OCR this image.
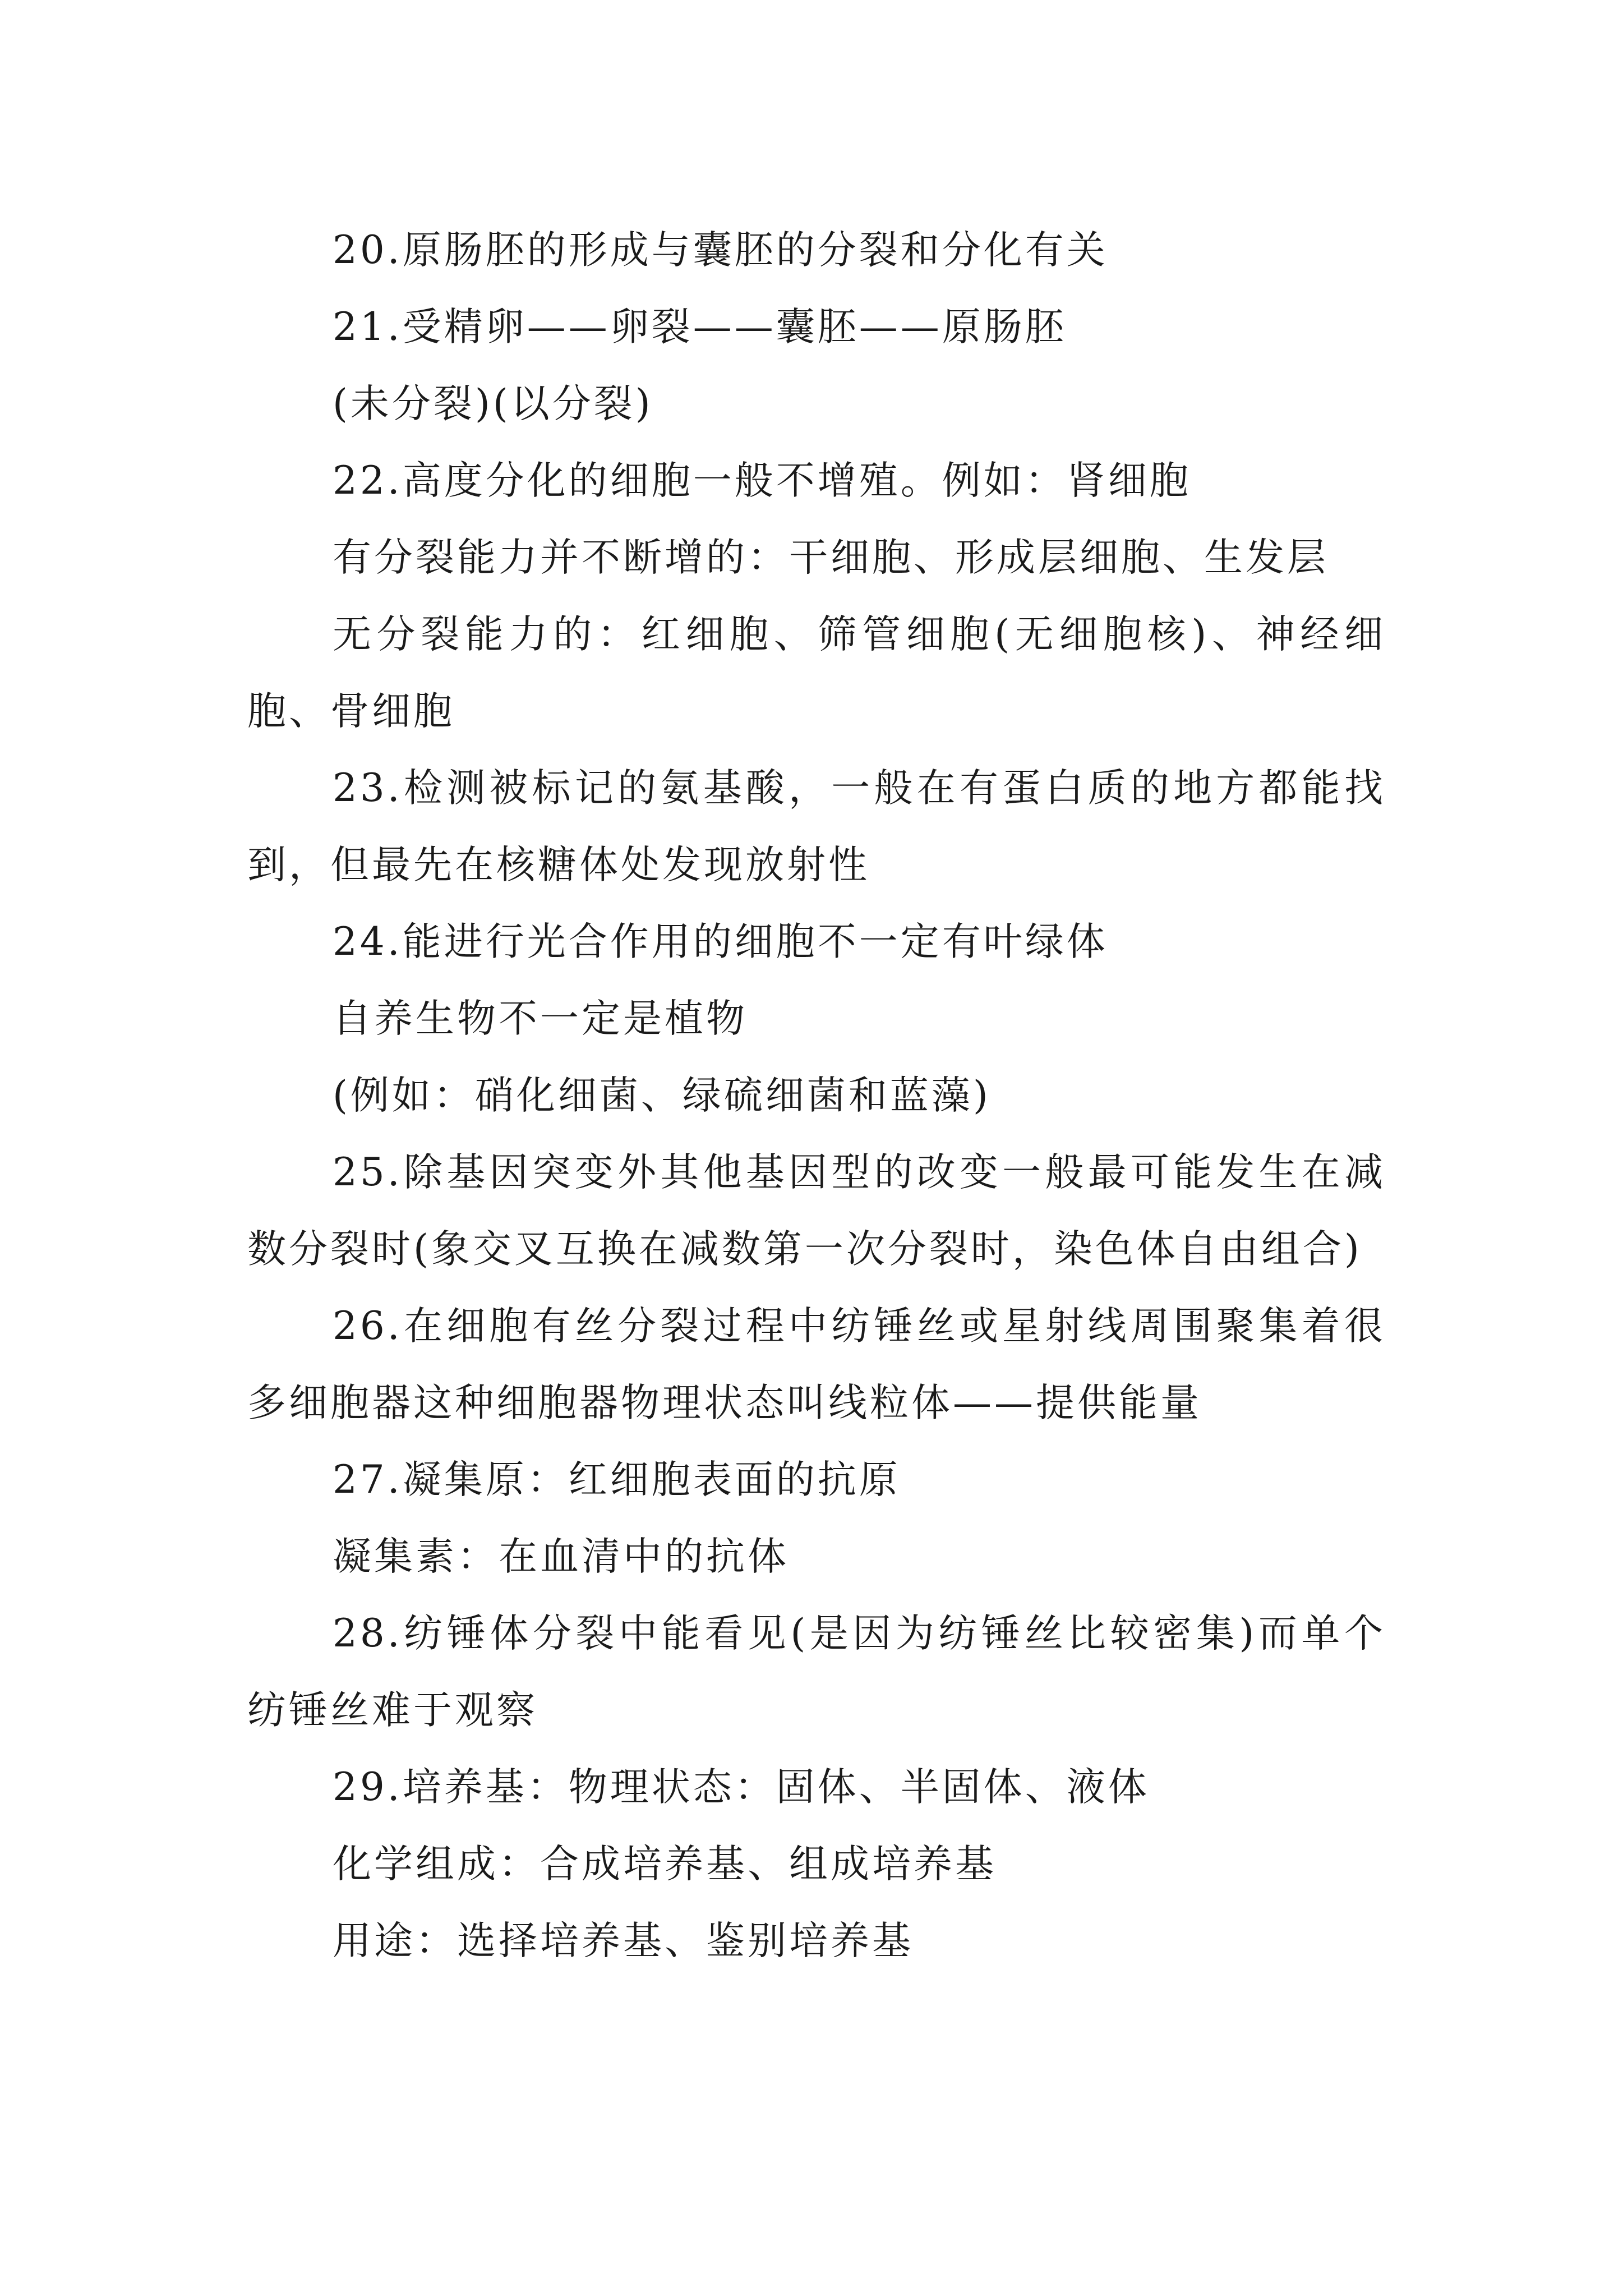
20.原肠胚的形成与囊胚的分裂和分化有关

21.受精卵——卵裂——囊胚——原肠胚

(未分裂)(以分裂)

22.高度分化的细胞一般不增殖。例如：肾细胞

有分裂能力并不断增的：干细胞、形成层细胞、生发层

无分裂能力的：红细胞、筛管细胞(无细胞核)、神经细胞、骨细胞

23.检测被标记的氨基酸，一般在有蛋白质的地方都能找到，但最先在核糖体处发现放射性

24.能进行光合作用的细胞不一定有叶绿体

自养生物不一定是植物

(例如：硝化细菌、绿硫细菌和蓝藻)

25.除基因突变外其他基因型的改变一般最可能发生在减数分裂时(象交叉互换在减数第一次分裂时，染色体自由组合)

26.在细胞有丝分裂过程中纺锤丝或星射线周围聚集着很多细胞器这种细胞器物理状态叫线粒体——提供能量

27.凝集原：红细胞表面的抗原

凝集素：在血清中的抗体

28.纺锤体分裂中能看见(是因为纺锤丝比较密集)而单个纺锤丝难于观察

29.培养基：物理状态：固体、半固体、液体

化学组成：合成培养基、组成培养基

用途：选择培养基、鉴别培养基
